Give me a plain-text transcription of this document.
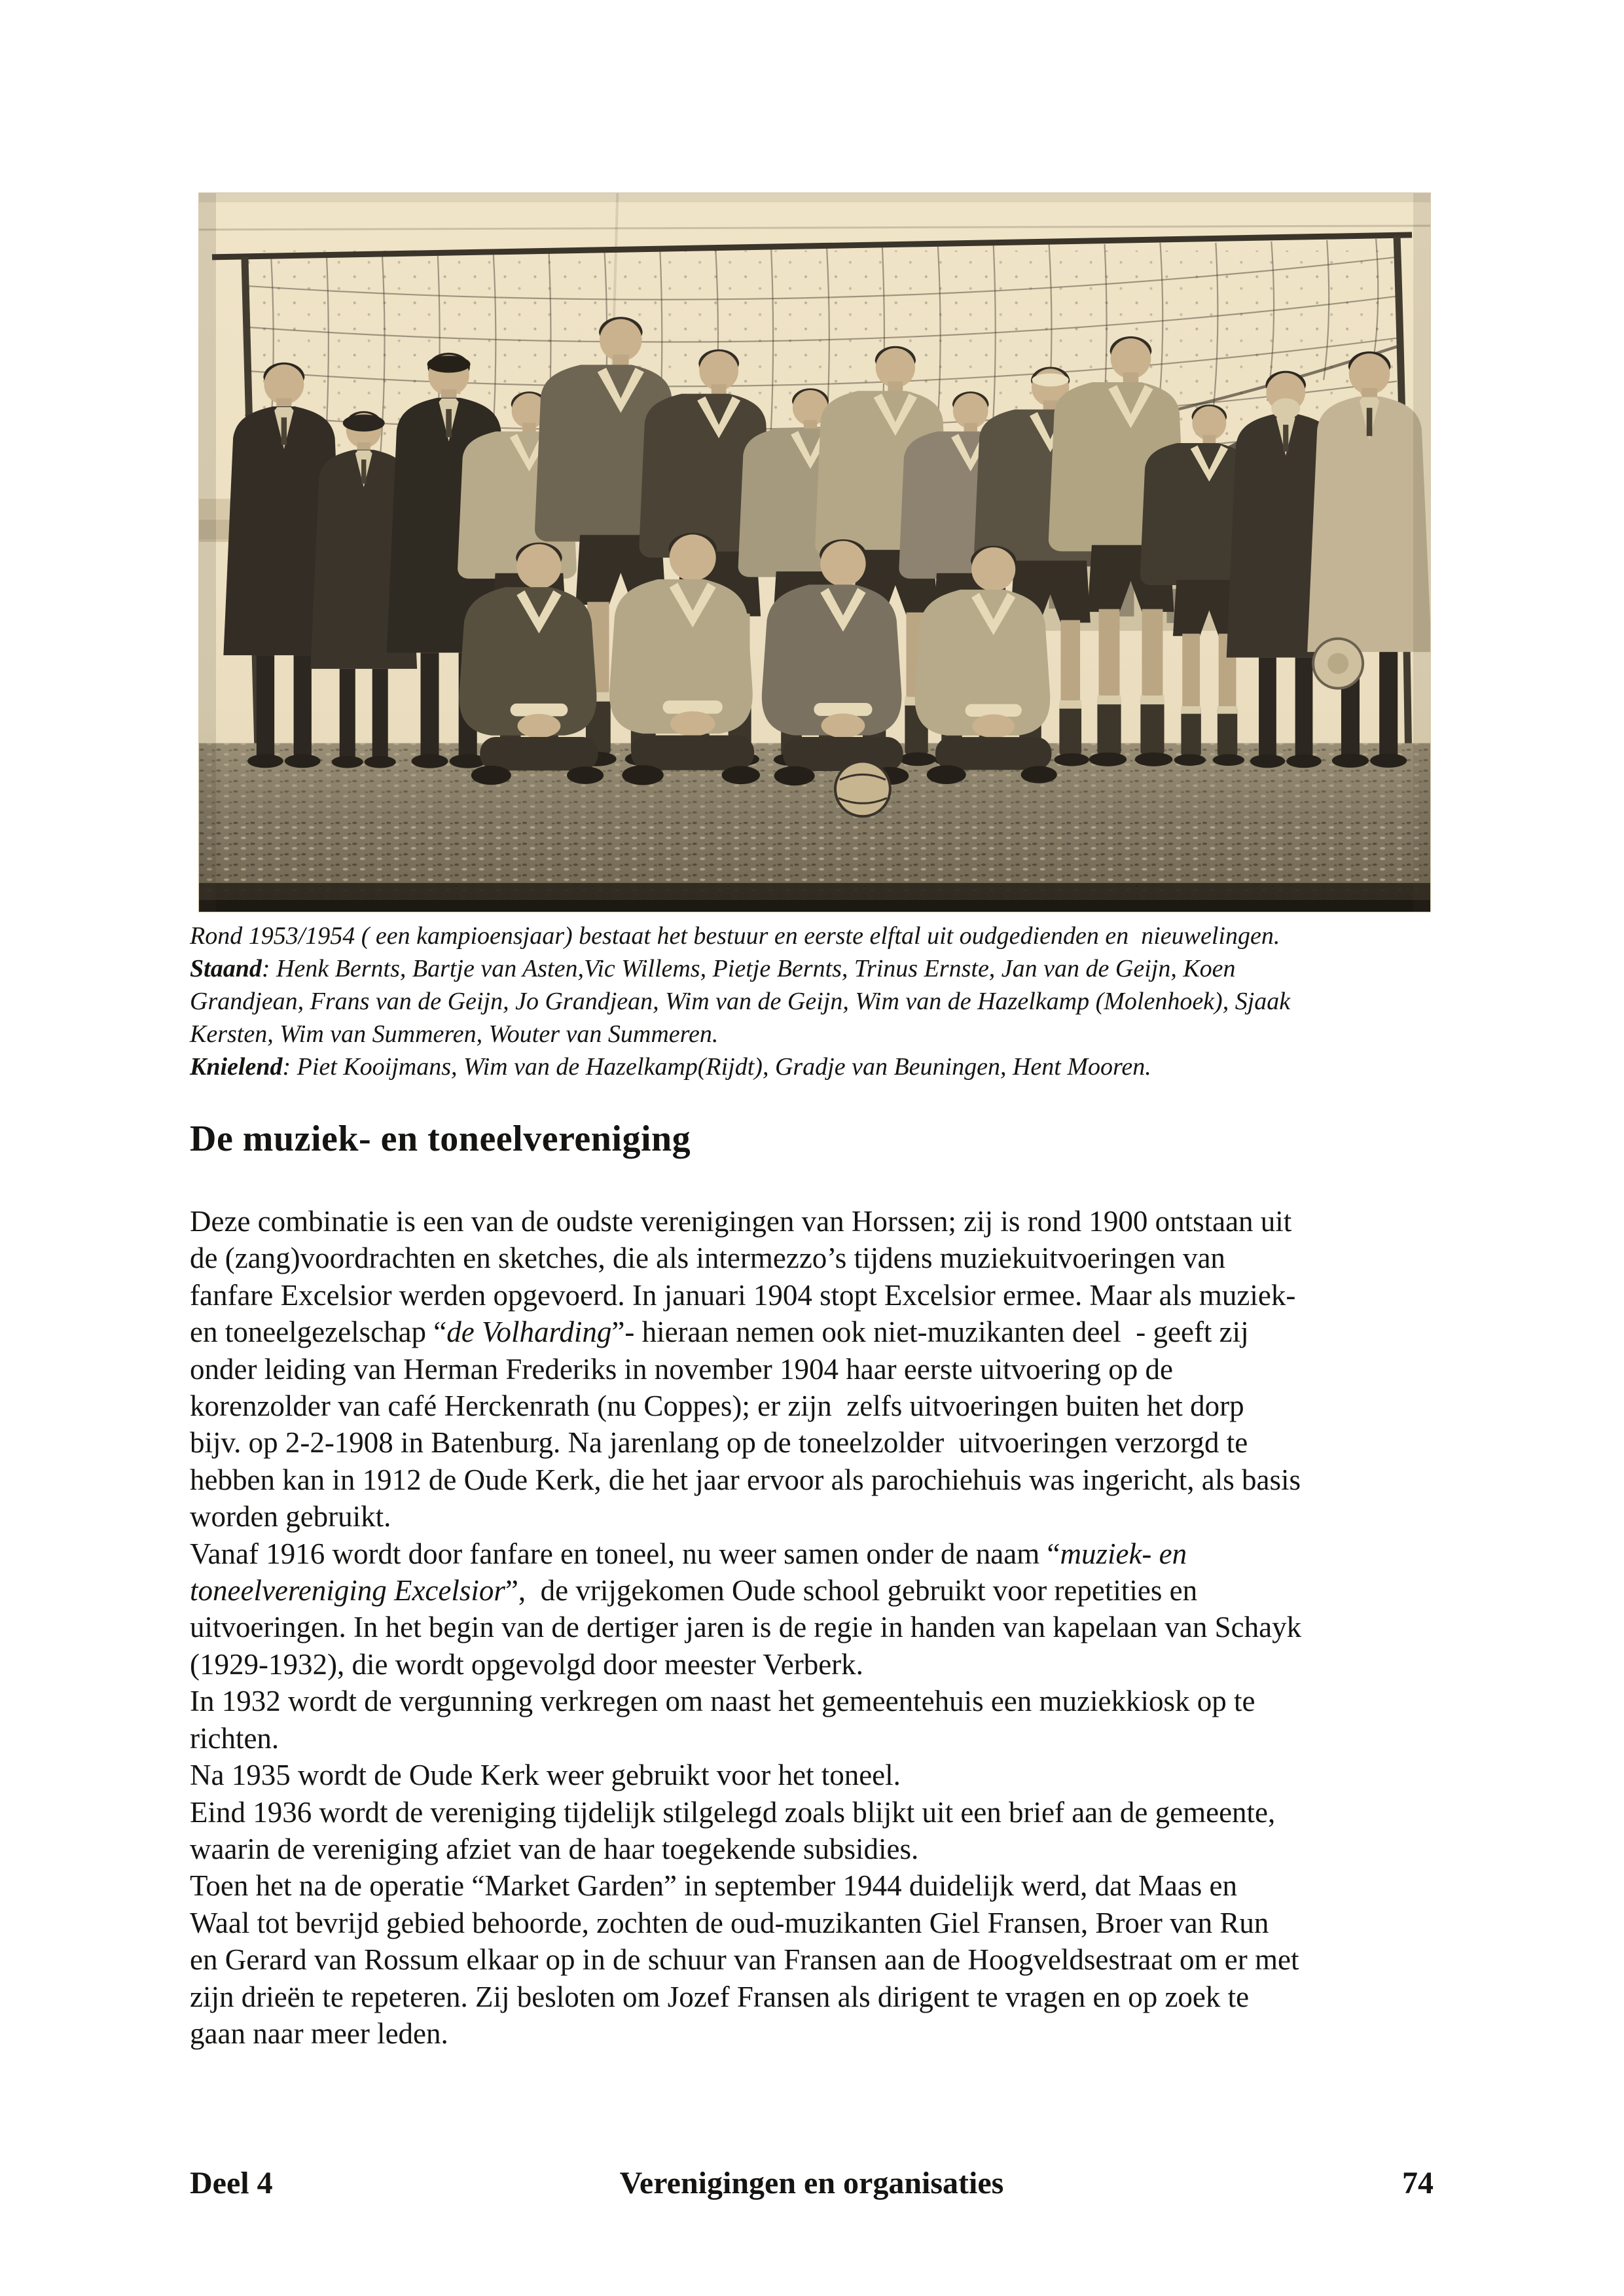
Rond 1953/1954 ( een kampioensjaar) bestaat het bestuur en eerste elftal uit oudgedienden en  nieuwelingen.
Staand: Henk Bernts, Bartje van Asten,Vic Willems, Pietje Bernts, Trinus Ernste, Jan van de Geijn, Koen
Grandjean, Frans van de Geijn, Jo Grandjean, Wim van de Geijn, Wim van de Hazelkamp (Molenhoek), Sjaak
Kersten, Wim van Summeren, Wouter van Summeren.
Knielend: Piet Kooijmans, Wim van de Hazelkamp(Rijdt), Gradje van Beuningen, Hent Mooren.
De muziek- en toneelvereniging
Deze combinatie is een van de oudste verenigingen van Horssen; zij is rond 1900 ontstaan uit
de (zang)voordrachten en sketches, die als intermezzo’s tijdens muziekuitvoeringen van
fanfare Excelsior werden opgevoerd. In januari 1904 stopt Excelsior ermee. Maar als muziek-
en toneelgezelschap “de Volharding”- hieraan nemen ook niet-muzikanten deel  - geeft zij
onder leiding van Herman Frederiks in november 1904 haar eerste uitvoering op de
korenzolder van café Herckenrath (nu Coppes); er zijn  zelfs uitvoeringen buiten het dorp
bijv. op 2-2-1908 in Batenburg. Na jarenlang op de toneelzolder  uitvoeringen verzorgd te
hebben kan in 1912 de Oude Kerk, die het jaar ervoor als parochiehuis was ingericht, als basis
worden gebruikt.
Vanaf 1916 wordt door fanfare en toneel, nu weer samen onder de naam “muziek- en
toneelvereniging Excelsior”,  de vrijgekomen Oude school gebruikt voor repetities en
uitvoeringen. In het begin van de dertiger jaren is de regie in handen van kapelaan van Schayk
(1929-1932), die wordt opgevolgd door meester Verberk.
In 1932 wordt de vergunning verkregen om naast het gemeentehuis een muziekkiosk op te
richten.
Na 1935 wordt de Oude Kerk weer gebruikt voor het toneel.
Eind 1936 wordt de vereniging tijdelijk stilgelegd zoals blijkt uit een brief aan de gemeente,
waarin de vereniging afziet van de haar toegekende subsidies.
Toen het na de operatie “Market Garden” in september 1944 duidelijk werd, dat Maas en
Waal tot bevrijd gebied behoorde, zochten de oud-muzikanten Giel Fransen, Broer van Run
en Gerard van Rossum elkaar op in de schuur van Fransen aan de Hoogveldsestraat om er met
zijn drieën te repeteren. Zij besloten om Jozef Fransen als dirigent te vragen en op zoek te
gaan naar meer leden.
Deel 4	Verenigingen en organisaties	74
